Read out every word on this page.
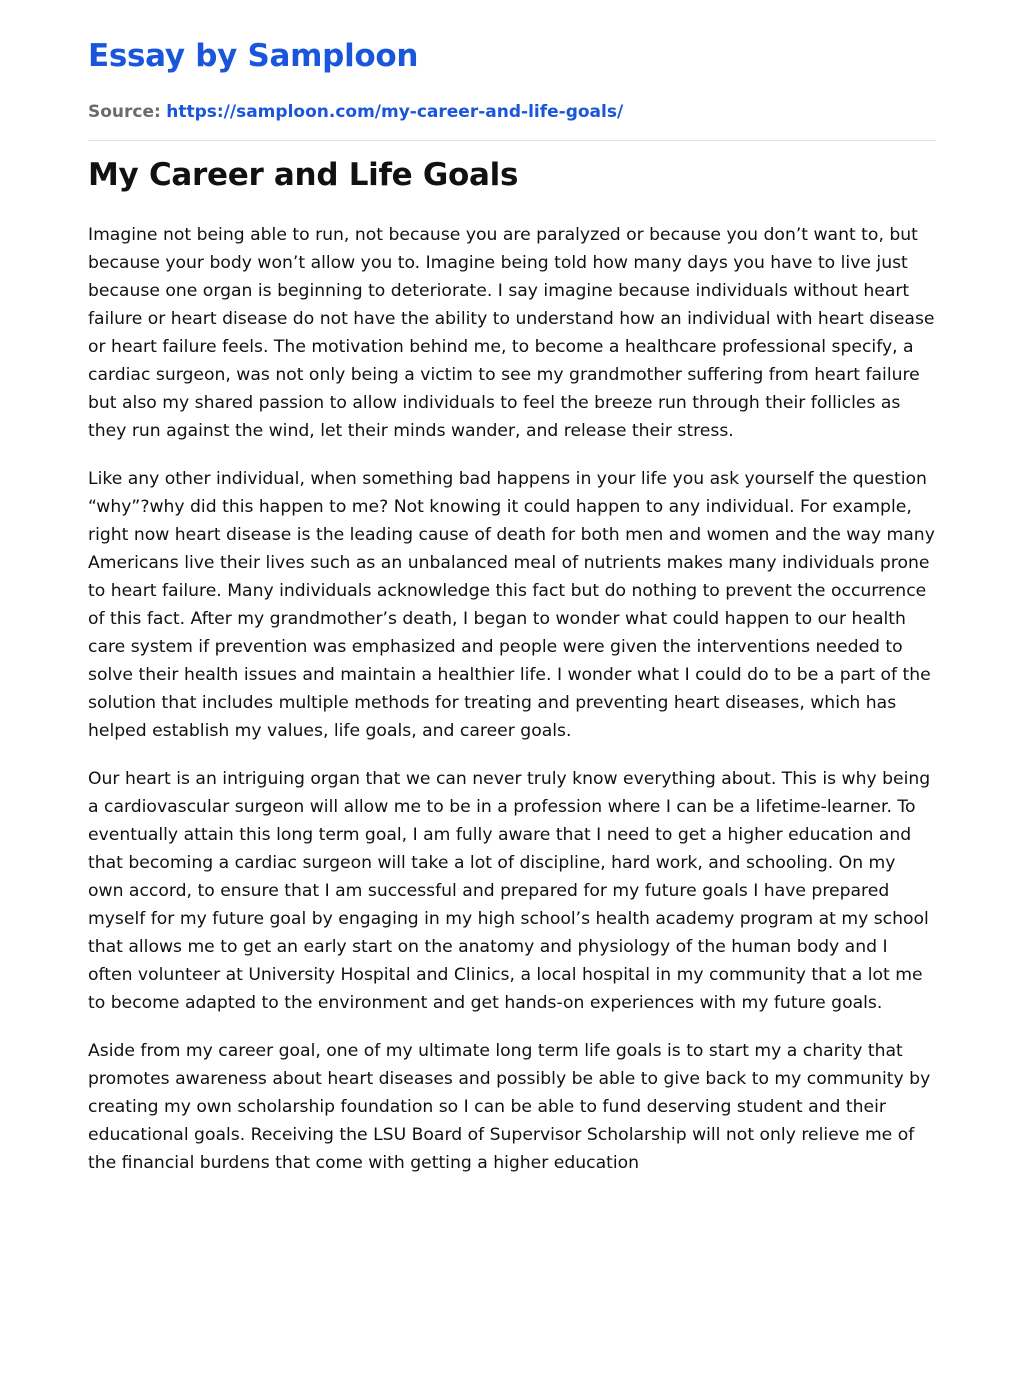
Essay by Samploon
Source: https://samploon.com/my-career-and-life-goals/
My Career and Life Goals

Imagine not being able to run, not because you are paralyzed or because you don’t want to, but because your body won’t allow you to. Imagine being told how many days you have to live just because one organ is beginning to deteriorate. I say imagine because individuals without heart failure or heart disease do not have the ability to understand how an individual with heart disease or heart failure feels. The motivation behind me, to become a healthcare professional specify, a cardiac surgeon, was not only being a victim to see my grandmother suffering from heart failure but also my shared passion to allow individuals to feel the breeze run through their follicles as they run against the wind, let their minds wander, and release their stress.

Like any other individual, when something bad happens in your life you ask yourself the question “why”?why did this happen to me? Not knowing it could happen to any individual. For example, right now heart disease is the leading cause of death for both men and women and the way many Americans live their lives such as an unbalanced meal of nutrients makes many individuals prone to heart failure. Many individuals acknowledge this fact but do nothing to prevent the occurrence of this fact. After my grandmother’s death, I began to wonder what could happen to our health care system if prevention was emphasized and people were given the interventions needed to solve their health issues and maintain a healthier life. I wonder what I could do to be a part of the solution that includes multiple methods for treating and preventing heart diseases, which has helped establish my values, life goals, and career goals.

Our heart is an intriguing organ that we can never truly know everything about. This is why being a cardiovascular surgeon will allow me to be in a profession where I can be a lifetime-learner. To eventually attain this long term goal, I am fully aware that I need to get a higher education and that becoming a cardiac surgeon will take a lot of discipline, hard work, and schooling. On my own accord, to ensure that I am successful and prepared for my future goals I have prepared myself for my future goal by engaging in my high school’s health academy program at my school that allows me to get an early start on the anatomy and physiology of the human body and I often volunteer at University Hospital and Clinics, a local hospital in my community that a lot me to become adapted to the environment and get hands-on experiences with my future goals.

Aside from my career goal, one of my ultimate long term life goals is to start my a charity that promotes awareness about heart diseases and possibly be able to give back to my community by creating my own scholarship foundation so I can be able to fund deserving student and their educational goals. Receiving the LSU Board of Supervisor Scholarship will not only relieve me of the financial burdens that come with getting a higher education
